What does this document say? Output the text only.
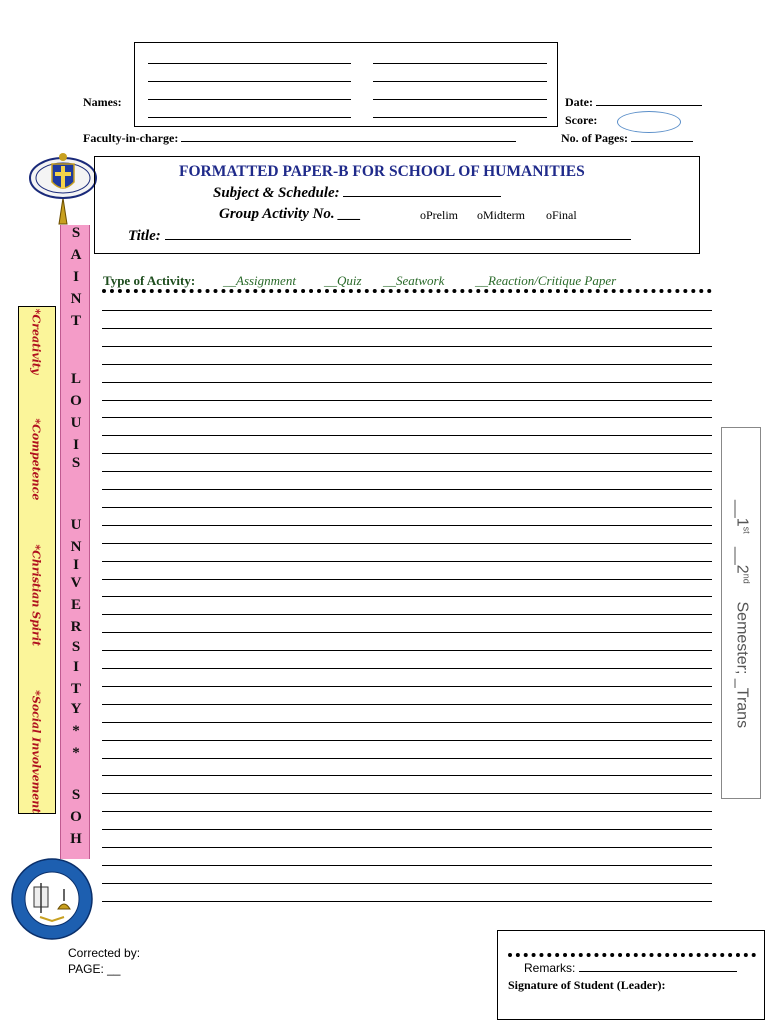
Names:	Date:
Score:
Faculty-in-charge:	No. of Pages:
FORMATTED PAPER-B FOR SCHOOL OF HUMANITIES
Subject & Schedule:
Group Activity No. ___	oPrelim oMidterm oFinal
Title:
S
A
I
N
T
L
O
U
I
S
U
N
I
V
E
R
S
I
T
Y
*
*
S
O
H
*Creativity*Competence*Christian Spirit*Social Involvement
__1st   __2nd    Semester; _Trans
Type of Activity: __Assignment __Quiz __Seatwork __Reaction/Critique Paper
Corrected by:
PAGE: __	Remarks:
Signature of Student (Leader):
